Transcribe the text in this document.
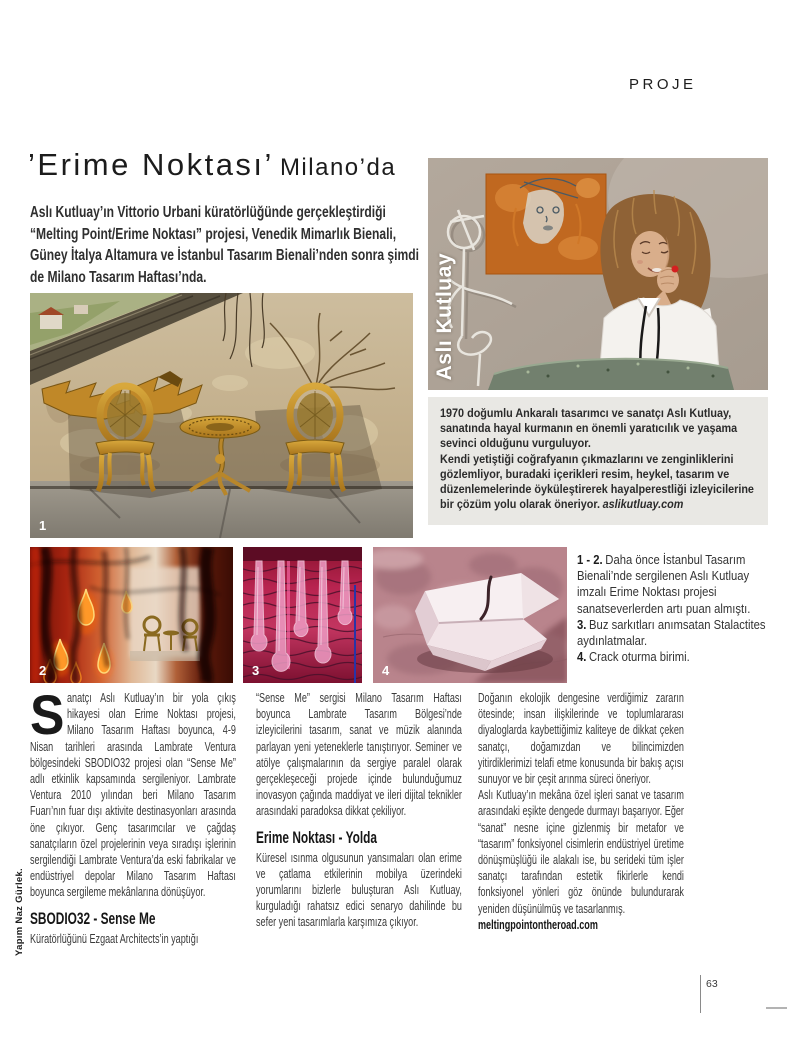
PROJE
’Erime Noktası’ Milano’da

Aslı Kutluay’ın Vittorio Urbani küratörlüğünde gerçekleştirdiği “Melting Point/Erime Noktası” projesi, Venedik Mimarlık Bienali, Güney İtalya Altamura ve İstanbul Tasarım Bienali’nden sonra şimdi de Milano Tasarım Haftası’nda.

1
Aslı Kutluay

1970 doğumlu Ankaralı tasarımcı ve sanatçı Aslı Kutluay, sanatında hayal kurmanın en önemli yaratıcılık ve yaşama sevinci olduğunu vurguluyor.

Kendi yetiştiği coğrafyanın çıkmazlarını ve zenginliklerini gözlemliyor, buradaki içerikleri resim, heykel, tasarım ve düzenlemelerinde öyküleştirerek hayalperestliği izleyicilerine bir çözüm yolu olarak öneriyor. aslikutluay.com

2	3	4

1 - 2. Daha önce İstanbul Tasarım Bienali’nde sergilenen Aslı Kutluay imzalı Erime Noktası projesi sanatseverlerden artı puan almıştı.

3. Buz sarkıtları anımsatan Stalactites aydınlatmalar.

4. Crack oturma birimi.

Sanatçı Aslı Kutluay’ın bir yola çıkış hikayesi olan Erime Noktası projesi, Milano Tasarım Haftası boyunca, 4-9 Nisan tarihleri arasında Lambrate Ventura bölgesindeki SBODIO32 projesi olan “Sense Me” adlı etkinlik kapsamında sergileniyor. Lambrate Ventura 2010 yılından beri Milano Tasarım Fuarı’nın fuar dışı aktivite destinasyonları arasında öne çıkıyor. Genç tasarımcılar ve çağdaş sanatçıların özel projelerinin veya sıradışı işlerinin sergilendiği Lambrate Ventura’da eski fabrikalar ve endüstriyel depolar Milano Tasarım Haftası boyunca sergileme mekânlarına dönüşüyor.

SBODIO32 - Sense Me

Küratörlüğünü Ezgaat Architects’in yaptığı

“Sense Me” sergisi Milano Tasarım Haftası boyunca Lambrate Tasarım Bölgesi’nde izleyicilerini tasarım, sanat ve müzik alanında parlayan yeni yeteneklerle tanıştırıyor. Seminer ve atölye çalışmalarının da sergiye paralel olarak gerçekleşeceği projede içinde bulunduğumuz inovasyon çağında maddiyat ve ileri dijital teknikler arasındaki paradoksa dikkat çekiliyor.

Erime Noktası - Yolda

Küresel ısınma olgusunun yansımaları olan erime ve çatlama etkilerinin mobilya üzerindeki yorumlarını bizlerle buluşturan Aslı Kutluay, kurguladığı rahatsız edici senaryo dahilinde bu sefer yeni tasarımlarla karşımıza çıkıyor.

Doğanın ekolojik dengesine verdiğimiz zararın ötesinde; insan ilişkilerinde ve toplumlararası diyaloglarda kaybettiğimiz kaliteye de dikkat çeken sanatçı, doğamızdan ve bilincimizden yitirdiklerimizi telafi etme konusunda bir bakış açısı sunuyor ve bir çeşit arınma süreci öneriyor.

Aslı Kutluay’ın mekâna özel işleri sanat ve tasarım arasındaki eşikte dengede durmayı başarıyor. Eğer “sanat” nesne içine gizlenmiş bir metafor ve “tasarım” fonksiyonel cisimlerin endüstriyel üretime dönüşmüşlüğü ile alakalı ise, bu serideki tüm işler sanatçı tarafından estetik fikirlerle kendi fonksiyonel yönleri göz önünde bulundurarak yeniden düşünülmüş ve tasarlanmış.

meltingpointontheroad.com

Yapım Naz Gürlek.
63
